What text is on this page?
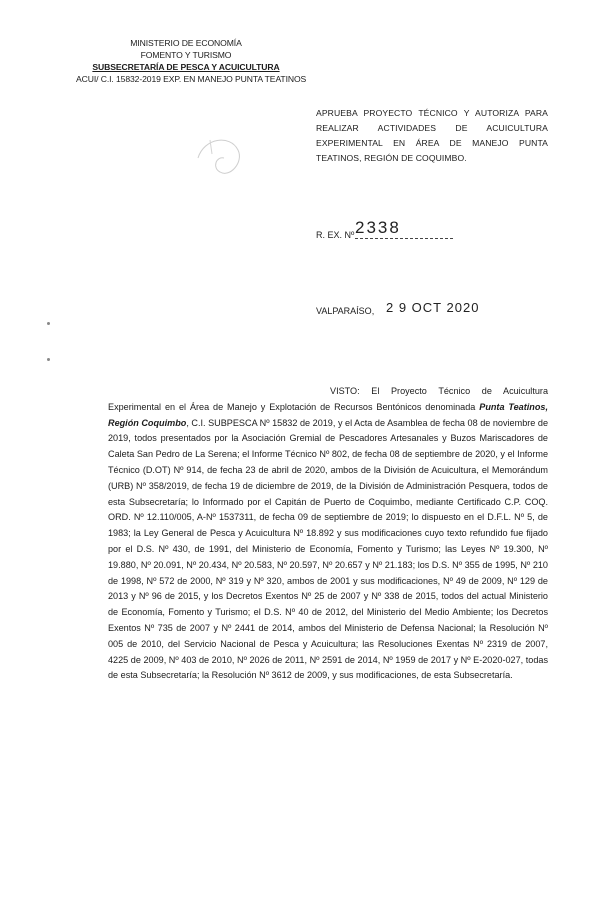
MINISTERIO DE ECONOMÍA
FOMENTO Y TURISMO
SUBSECRETARÍA DE PESCA Y ACUICULTURA
ACUI/ C.I. 15832-2019 EXP. EN MANEJO PUNTA TEATINOS
APRUEBA PROYECTO TÉCNICO Y AUTORIZA PARA REALIZAR ACTIVIDADES DE ACUICULTURA EXPERIMENTAL EN ÁREA DE MANEJO PUNTA TEATINOS, REGIÓN DE COQUIMBO.
R. EX. Nº 2338
VALPARAÍSO, 2 9 OCT 2020
VISTO: El Proyecto Técnico de Acuicultura Experimental en el Área de Manejo y Explotación de Recursos Bentónicos denominada Punta Teatinos, Región Coquimbo, C.I. SUBPESCA Nº 15832 de 2019, y el Acta de Asamblea de fecha 08 de noviembre de 2019, todos presentados por la Asociación Gremial de Pescadores Artesanales y Buzos Mariscadores de Caleta San Pedro de La Serena; el Informe Técnico Nº 802, de fecha 08 de septiembre de 2020, y el Informe Técnico (D.OT) Nº 914, de fecha 23 de abril de 2020, ambos de la División de Acuicultura, el Memorándum (URB) Nº 358/2019, de fecha 19 de diciembre de 2019, de la División de Administración Pesquera, todos de esta Subsecretaría; lo Informado por el Capitán de Puerto de Coquimbo, mediante Certificado C.P. COQ. ORD. Nº 12.110/005, A-Nº 1537311, de fecha 09 de septiembre de 2019; lo dispuesto en el D.F.L. Nº 5, de 1983; la Ley General de Pesca y Acuicultura Nº 18.892 y sus modificaciones cuyo texto refundido fue fijado por el D.S. Nº 430, de 1991, del Ministerio de Economía, Fomento y Turismo; las Leyes Nº 19.300, Nº 19.880, Nº 20.091, Nº 20.434, Nº 20.583, Nº 20.597, Nº 20.657 y Nº 21.183; los D.S. Nº 355 de 1995, Nº 210 de 1998, Nº 572 de 2000, Nº 319 y Nº 320, ambos de 2001 y sus modificaciones, Nº 49 de 2009, Nº 129 de 2013 y Nº 96 de 2015, y los Decretos Exentos Nº 25 de 2007 y Nº 338 de 2015, todos del actual Ministerio de Economía, Fomento y Turismo; el D.S. Nº 40 de 2012, del Ministerio del Medio Ambiente; los Decretos Exentos Nº 735 de 2007 y Nº 2441 de 2014, ambos del Ministerio de Defensa Nacional; la Resolución Nº 005 de 2010, del Servicio Nacional de Pesca y Acuicultura; las Resoluciones Exentas Nº 2319 de 2007, 4225 de 2009, Nº 403 de 2010, Nº 2026 de 2011, Nº 2591 de 2014, Nº 1959 de 2017 y Nº E-2020-027, todas de esta Subsecretaría; la Resolución Nº 3612 de 2009, y sus modificaciones, de esta Subsecretaría.
